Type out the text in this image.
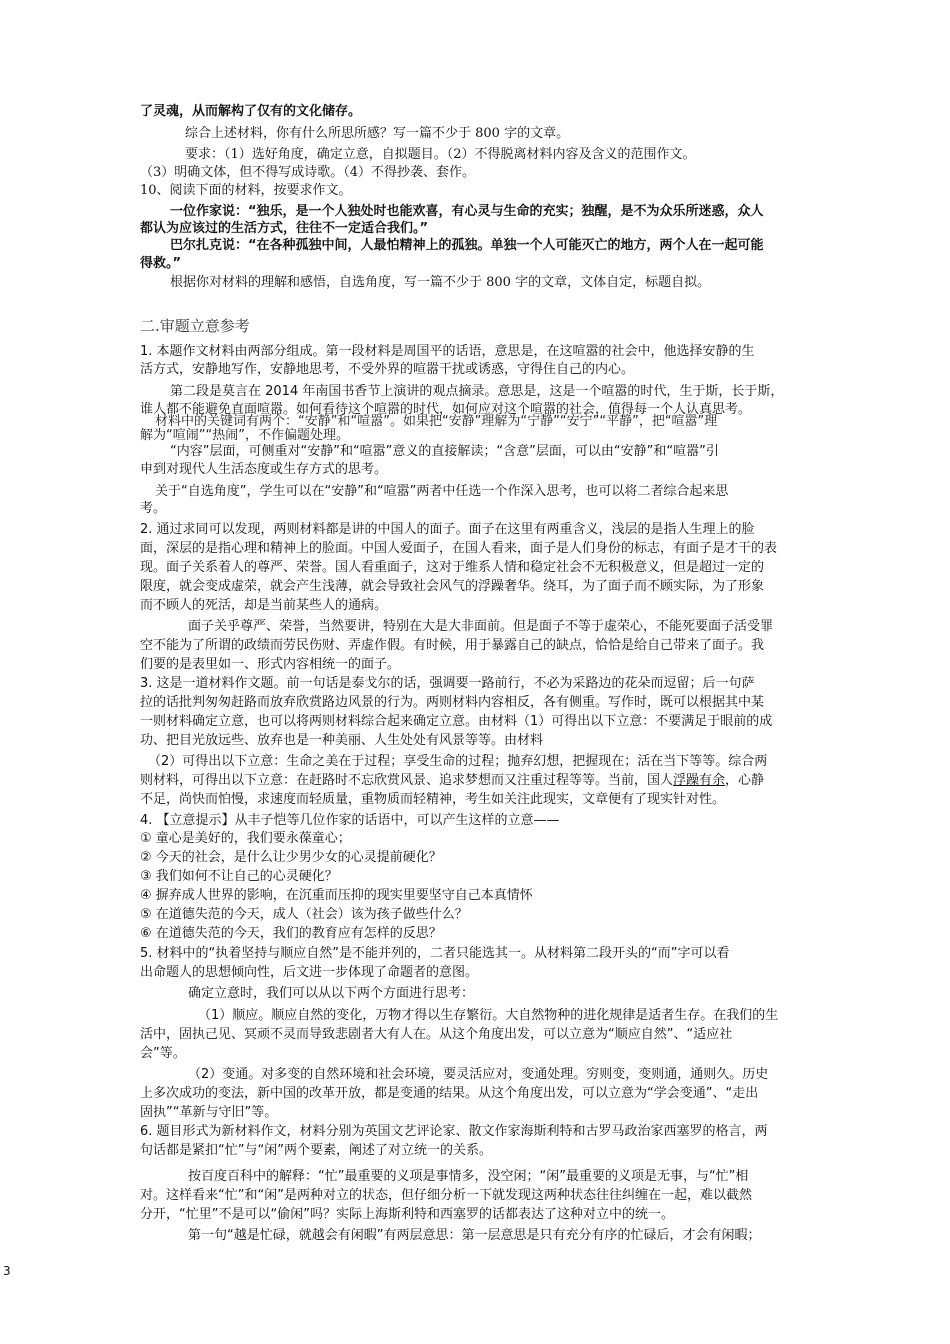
了灵魂，从而解构了仅有的文化储存。
综合上述材料，你有什么所思所感？写一篇不少于 800 字的文章。
要求：（1）选好角度，确定立意，自拟题目。（2）不得脱离材料内容及含义的范围作文。
（3）明确文体，但不得写成诗歌。（4）不得抄袭、套作。
10、阅读下面的材料，按要求作文。
一位作家说：“独乐，是一个人独处时也能欢喜，有心灵与生命的充实；独醒，是不为众乐所迷惑，众人
都认为应该过的生活方式，往往不一定适合我们。”
巴尔扎克说：“在各种孤独中间，人最怕精神上的孤独。单独一个人可能灭亡的地方，两个人在一起可能
得救。”
根据你对材料的理解和感悟，自选角度，写一篇不少于 800 字的文章，文体自定，标题自拟。
二.审题立意参考
1. 本题作文材料由两部分组成。第一段材料是周国平的话语，意思是，在这喧嚣的社会中，他选择安静的生
活方式，安静地写作，安静地思考，不受外界的喧嚣干扰或诱惑，守得住自己的内心。
第二段是莫言在 2014 年南国书香节上演讲的观点摘录。意思是，这是一个喧嚣的时代，生于斯，长于斯，
谁人都不能避免直面喧嚣。如何看待这个喧嚣的时代，如何应对这个喧嚣的社会，值得每一个人认真思考。
材料中的关键词有两个：“安静”和“喧嚣”。如果把“安静”理解为“宁静”“安宁”“平静”，把“喧嚣”理
解为“喧闹”“热闹”，不作偏题处理。
“内容”层面，可侧重对“安静”和“喧嚣”意义的直接解读；“含意”层面，可以由“安静”和“喧嚣”引
申到对现代人生活态度或生存方式的思考。
关于“自选角度”，学生可以在“安静”和“喧嚣”两者中任选一个作深入思考，也可以将二者综合起来思
考。
2. 通过求同可以发现，两则材料都是讲的中国人的面子。面子在这里有两重含义，浅层的是指人生理上的脸
面，深层的是指心理和精神上的脸面。中国人爱面子，在国人看来，面子是人们身份的标志，有面子是才干的表
现。面子关系着人的尊严、荣誉。国人看重面子，这对于维系人情和稳定社会不无积极意义，但是超过一定的
限度，就会变成虚荣，就会产生浅薄，就会导致社会风气的浮躁奢华。绕耳，为了面子而不顾实际，为了形象
而不顾人的死活，却是当前某些人的通病。
面子关乎尊严、荣誉，当然要讲，特别在大是大非面前。但是面子不等于虚荣心，不能死要面子活受罪
空不能为了所谓的政绩而劳民伤财、弄虚作假。有时候，用于暴露自己的缺点，恰恰是给自己带来了面子。我
们要的是表里如一、形式内容相统一的面子。
3. 这是一道材料作文题。前一句话是泰戈尔的话，强调要一路前行，不必为采路边的花朵而逗留；后一句萨
拉的话批判匆匆赶路而放弃欣赏路边风景的行为。两则材料内容相反，各有侧重。写作时，既可以根据其中某
一则材料确定立意，也可以将两则材料综合起来确定立意。由材料（1）可得出以下立意：不要满足于眼前的成
功、把目光放远些、放弃也是一种美丽、人生处处有风景等等。由材料
（2）可得出以下立意：生命之美在于过程；享受生命的过程；抛弃幻想，把握现在；活在当下等等。综合两
则材料，可得出以下立意：在赶路时不忘欣赏风景、追求梦想而又注重过程等等。当前，国人浮躁有余，心静
不足，尚快而怕慢，求速度而轻质量，重物质而轻精神，考生如关注此现实，文章便有了现实针对性。
4. 【立意提示】从丰子恺等几位作家的话语中，可以产生这样的立意——
① 童心是美好的，我们要永葆童心；
② 今天的社会，是什么让少男少女的心灵提前硬化？
③ 我们如何不让自己的心灵硬化？
④ 摒弃成人世界的影响，在沉重而压抑的现实里要坚守自己本真情怀
⑤ 在道德失范的今天，成人（社会）该为孩子做些什么？
⑥ 在道德失范的今天，我们的教育应有怎样的反思？
5. 材料中的“执着坚持与顺应自然”是不能并列的，二者只能选其一。从材料第二段开头的“而”字可以看
出命题人的思想倾向性，后文进一步体现了命题者的意图。
确定立意时，我们可以从以下两个方面进行思考：
（1）顺应。顺应自然的变化，万物才得以生存繁衍。大自然物种的进化规律是适者生存。在我们的生
活中，固执己见、冥顽不灵而导致悲剧者大有人在。从这个角度出发，可以立意为“顺应自然”、“适应社
会”等。
（2）变通。对多变的自然环境和社会环境，要灵活应对，变通处理。穷则变，变则通，通则久。历史
上多次成功的变法，新中国的改革开放，都是变通的结果。从这个角度出发，可以立意为“学会变通”、“走出
固执”“革新与守旧”等。
6. 题目形式为新材料作文，材料分别为英国文艺评论家、散文作家海斯利特和古罗马政治家西塞罗的格言，两
句话都是紧扣“忙”与“闲”两个要素，阐述了对立统一的关系。
按百度百科中的解释：“忙”最重要的义项是事情多，没空闲；“闲”最重要的义项是无事，与“忙”相
对。这样看来“忙”和“闲”是两种对立的状态，但仔细分析一下就发现这两种状态往往纠缠在一起，难以截然
分开，“忙里”不是可以“偷闲”吗？实际上海斯利特和西塞罗的话都表达了这种对立中的统一。
第一句“越是忙碌，就越会有闲暇”有两层意思：第一层意思是只有充分有序的忙碌后，才会有闲暇；
3
